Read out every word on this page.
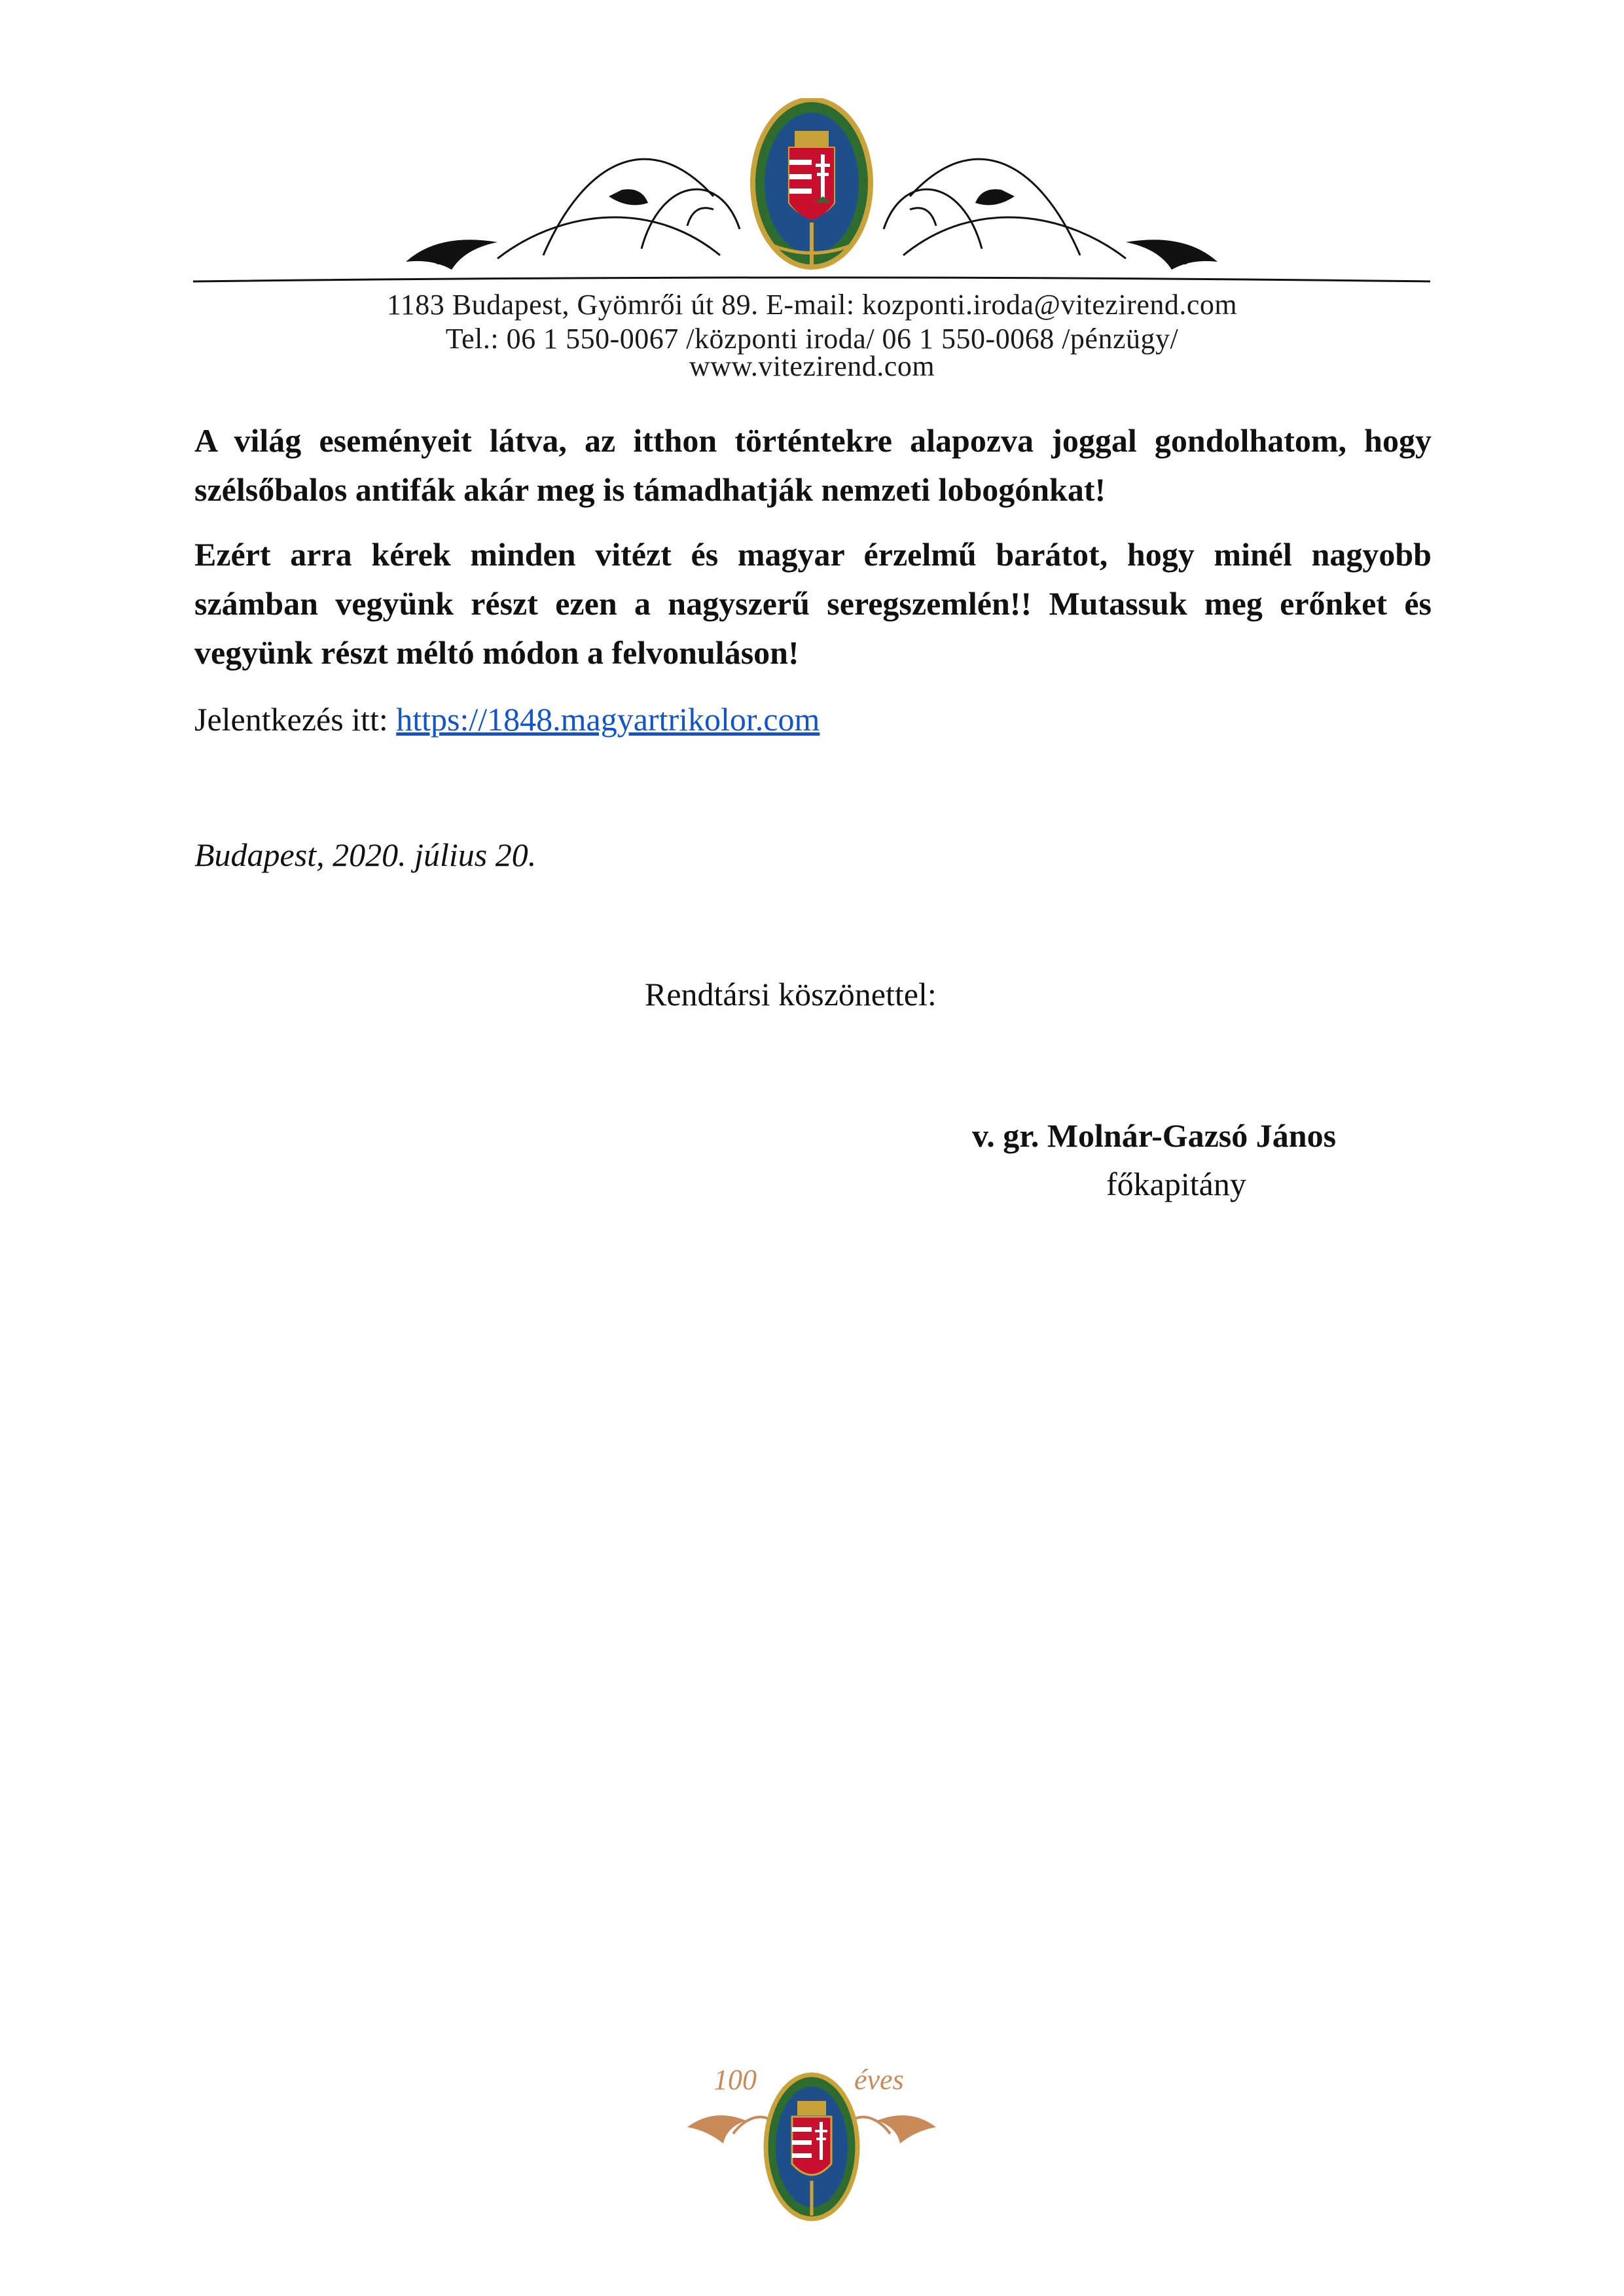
1183 Budapest, Gyömrői út 89. E-mail: kozponti.iroda@vitezirend.com
Tel.: 06 1 550-0067 /központi iroda/ 06 1 550-0068 /pénzügy/
www.vitezirend.com

A világ eseményeit látva, az itthon történtekre alapozva joggal gondolhatom, hogy szélsőbalos antifák akár meg is támadhatják nemzeti lobogónkat!

Ezért arra kérek minden vitézt és magyar érzelmű barátot, hogy minél nagyobb számban vegyünk részt ezen a nagyszerű seregszemlén!! Mutassuk meg erőnket és vegyünk részt méltó módon a felvonuláson!

Jelentkezés itt: https://1848.magyartrikolor.com
Budapest, 2020. július 20.
Rendtársi köszönettel:
v. gr. Molnár-Gazsó János
főkapitány
100	éves
